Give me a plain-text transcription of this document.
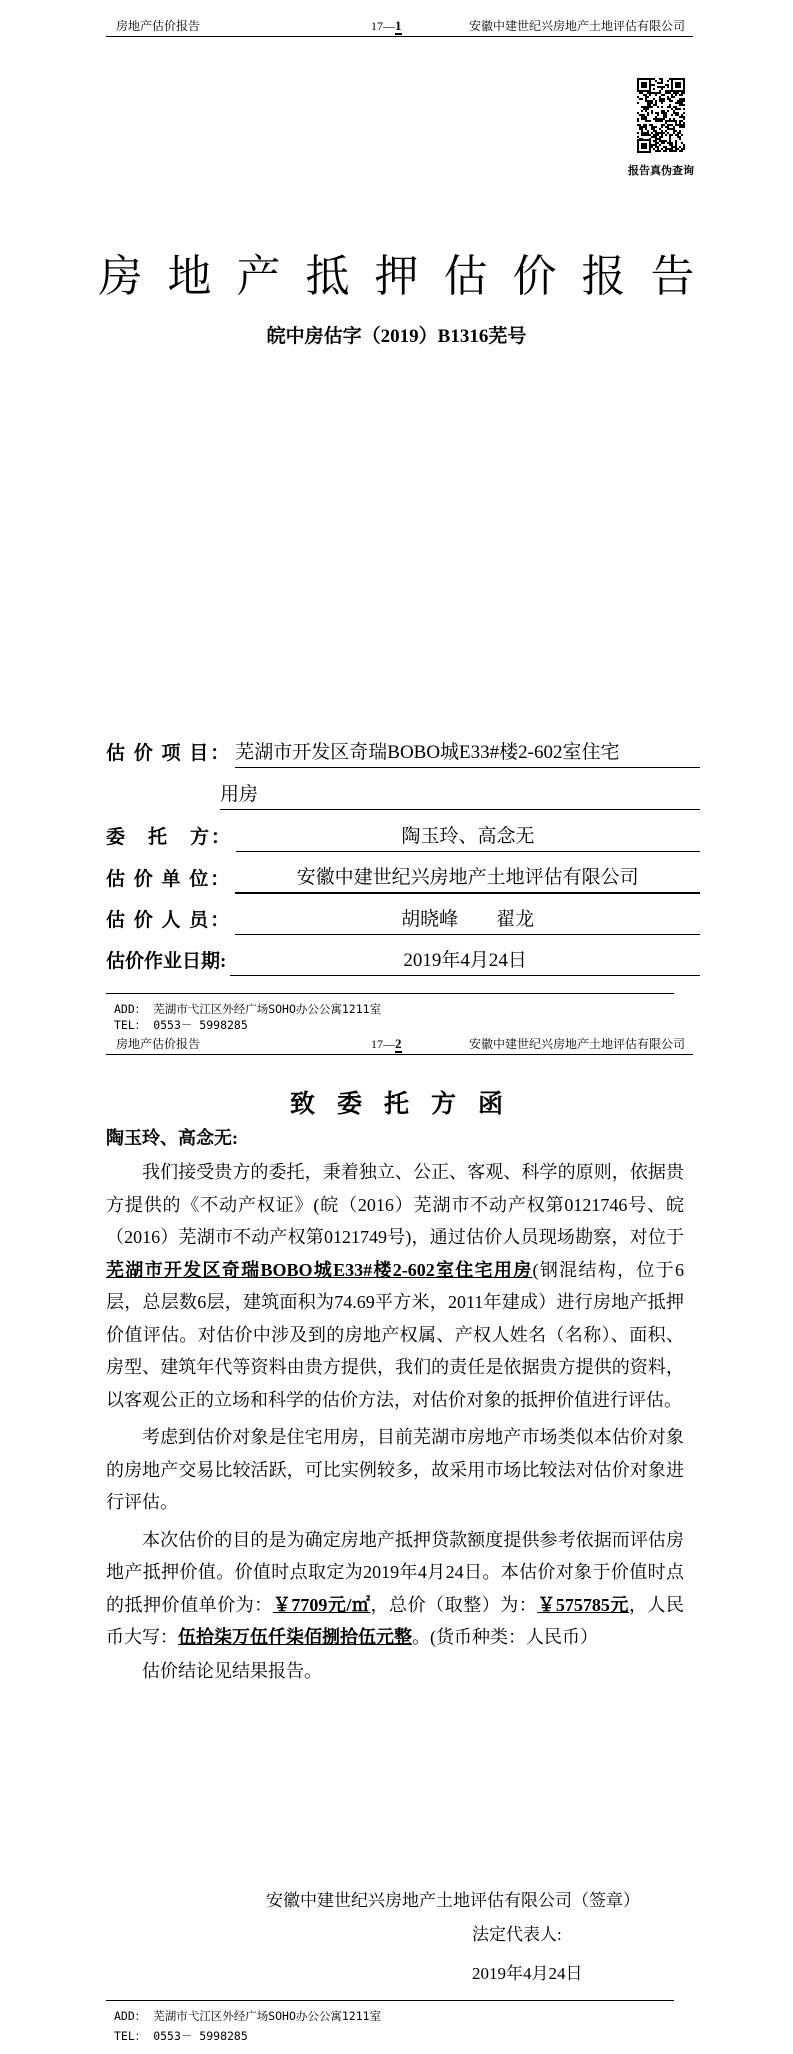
房地产估价报告	17—1	安徽中建世纪兴房地产土地评估有限公司
报告真伪查询
房地产抵押估价报告
皖中房估字（2019）B1316芜号
估 价 项 目： 芜湖市开发区奇瑞BOBO城E33#楼2-602室住宅
用房
委　托　方：	陶玉玲、高念无
估 价 单 位：	安徽中建世纪兴房地产土地评估有限公司
估 价 人 员：	胡晓峰　　翟龙
估价作业日期:	2019年4月24日
ADD： 芜湖市弋江区外经广场SOHO办公公寓1211室
TEL： 0553－ 5998285
房地产估价报告	17—2	安徽中建世纪兴房地产土地评估有限公司
致委托方函
陶玉玲、高念无:

我们接受贵方的委托，秉着独立、公正、客观、科学的原则，依据贵方提供的《不动产权证》(皖（2016）芜湖市不动产权第0121746号、皖（2016）芜湖市不动产权第0121749号)，通过估价人员现场勘察，对位于芜湖市开发区奇瑞BOBO城E33#楼2-602室住宅用房(钢混结构，位于6层，总层数6层，建筑面积为74.69平方米，2011年建成）进行房地产抵押价值评估。对估价中涉及到的房地产权属、产权人姓名（名称）、面积、房型、建筑年代等资料由贵方提供，我们的责任是依据贵方提供的资料，以客观公正的立场和科学的估价方法，对估价对象的抵押价值进行评估。

考虑到估价对象是住宅用房，目前芜湖市房地产市场类似本估价对象的房地产交易比较活跃，可比实例较多，故采用市场比较法对估价对象进行评估。

本次估价的目的是为确定房地产抵押贷款额度提供参考依据而评估房地产抵押价值。价值时点取定为2019年4月24日。本估价对象于价值时点的抵押价值单价为：￥7709元/㎡，总价（取整）为：￥575785元，人民币大写：伍拾柒万伍仟柒佰捌拾伍元整。(货币种类：人民币）

估价结论见结果报告。

安徽中建世纪兴房地产土地评估有限公司（签章）
法定代表人:
2019年4月24日
ADD： 芜湖市弋江区外经广场SOHO办公公寓1211室
TEL： 0553－ 5998285
